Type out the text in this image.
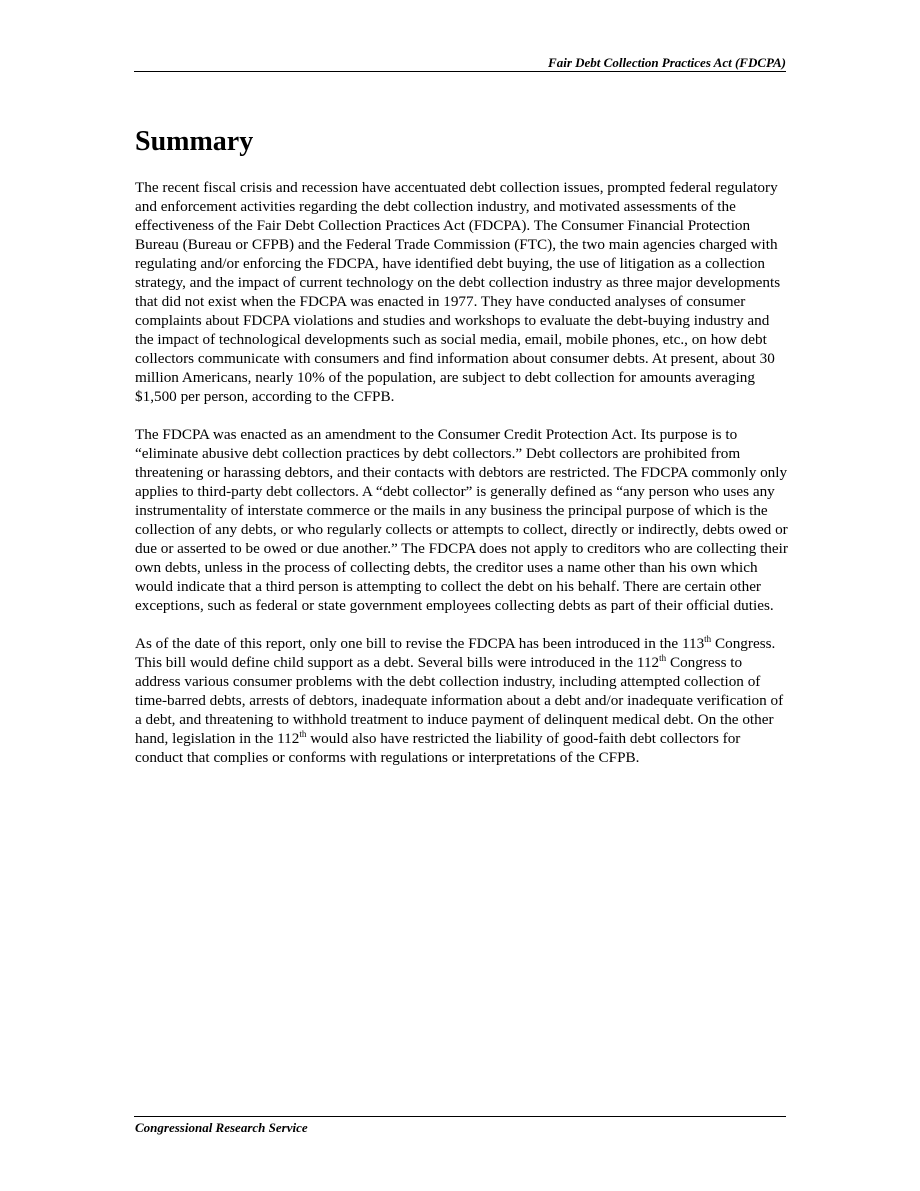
Fair Debt Collection Practices Act (FDCPA)
Summary

The recent fiscal crisis and recession have accentuated debt collection issues, prompted federal regulatory and enforcement activities regarding the debt collection industry, and motivated assessments of the effectiveness of the Fair Debt Collection Practices Act (FDCPA). The Consumer Financial Protection Bureau (Bureau or CFPB) and the Federal Trade Commission (FTC), the two main agencies charged with regulating and/or enforcing the FDCPA, have identified debt buying, the use of litigation as a collection strategy, and the impact of current technology on the debt collection industry as three major developments that did not exist when the FDCPA was enacted in 1977. They have conducted analyses of consumer complaints about FDCPA violations and studies and workshops to evaluate the debt-buying industry and the impact of technological developments such as social media, email, mobile phones, etc., on how debt collectors communicate with consumers and find information about consumer debts. At present, about 30 million Americans, nearly 10% of the population, are subject to debt collection for amounts averaging $1,500 per person, according to the CFPB.

The FDCPA was enacted as an amendment to the Consumer Credit Protection Act. Its purpose is to “eliminate abusive debt collection practices by debt collectors.” Debt collectors are prohibited from threatening or harassing debtors, and their contacts with debtors are restricted. The FDCPA commonly only applies to third-party debt collectors. A “debt collector” is generally defined as “any person who uses any instrumentality of interstate commerce or the mails in any business the principal purpose of which is the collection of any debts, or who regularly collects or attempts to collect, directly or indirectly, debts owed or due or asserted to be owed or due another.” The FDCPA does not apply to creditors who are collecting their own debts, unless in the process of collecting debts, the creditor uses a name other than his own which would indicate that a third person is attempting to collect the debt on his behalf. There are certain other exceptions, such as federal or state government employees collecting debts as part of their official duties.

As of the date of this report, only one bill to revise the FDCPA has been introduced in the 113th Congress. This bill would define child support as a debt. Several bills were introduced in the 112th Congress to address various consumer problems with the debt collection industry, including attempted collection of time-barred debts, arrests of debtors, inadequate information about a debt and/or inadequate verification of a debt, and threatening to withhold treatment to induce payment of delinquent medical debt. On the other hand, legislation in the 112th would also have restricted the liability of good-faith debt collectors for conduct that complies or conforms with regulations or interpretations of the CFPB.

Congressional Research Service
